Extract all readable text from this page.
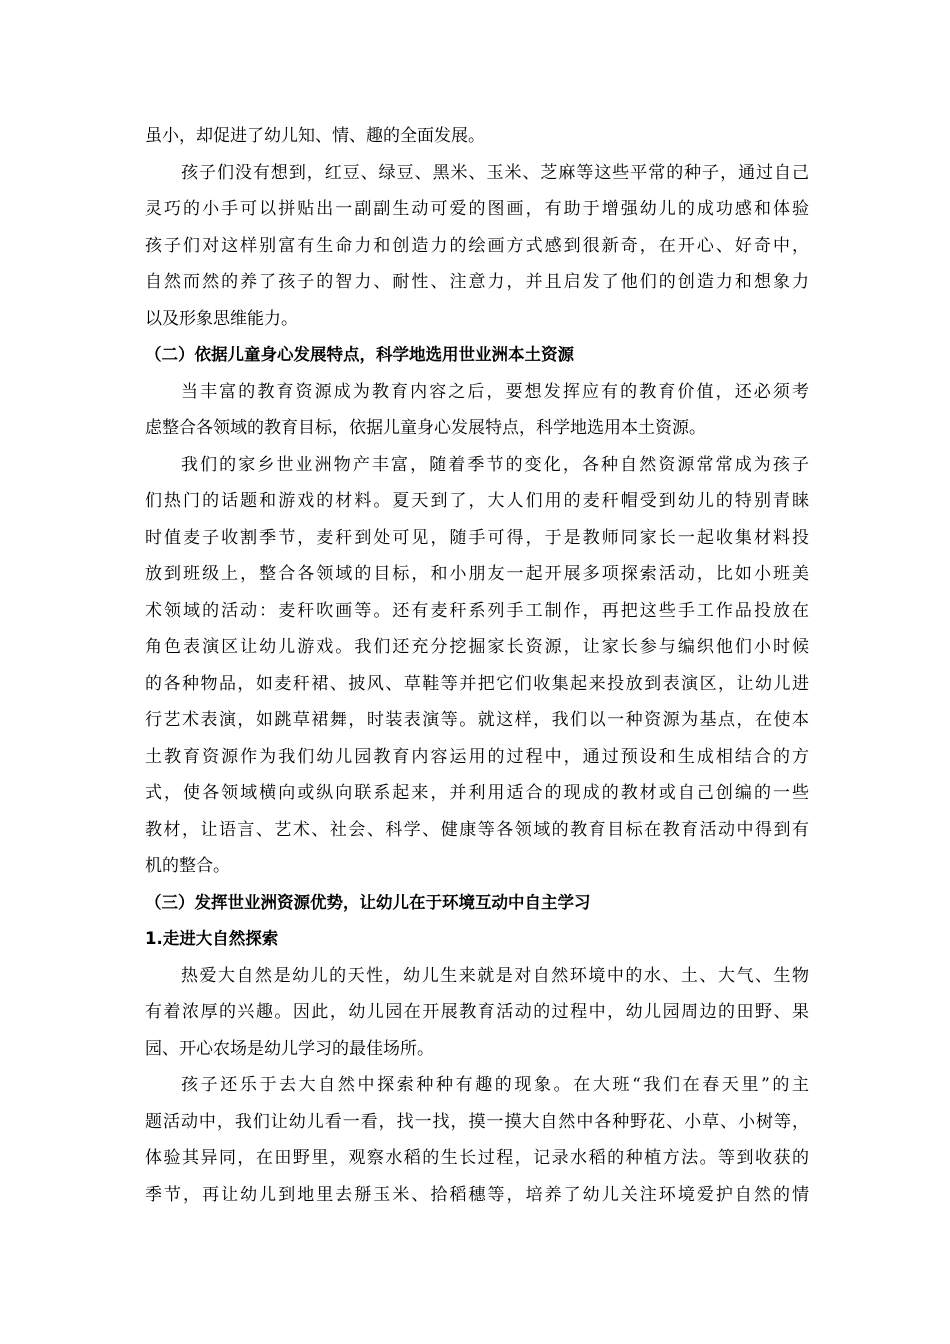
虽小，却促进了幼儿知、情、趣的全面发展。
孩子们没有想到，红豆、绿豆、黑米、玉米、芝麻等这些平常的种子，通过自己
灵巧的小手可以拼贴出一副副生动可爱的图画，有助于增强幼儿的成功感和体验
孩子们对这样别富有生命力和创造力的绘画方式感到很新奇，在开心、好奇中，
自然而然的养了孩子的智力、耐性、注意力，并且启发了他们的创造力和想象力
以及形象思维能力。
（二）依据儿童身心发展特点，科学地选用世业洲本土资源
当丰富的教育资源成为教育内容之后，要想发挥应有的教育价值，还必须考
虑整合各领域的教育目标，依据儿童身心发展特点，科学地选用本土资源。
我们的家乡世业洲物产丰富，随着季节的变化，各种自然资源常常成为孩子
们热门的话题和游戏的材料。夏天到了，大人们用的麦秆帽受到幼儿的特别青睐
时值麦子收割季节，麦秆到处可见，随手可得，于是教师同家长一起收集材料投
放到班级上，整合各领域的目标，和小朋友一起开展多项探索活动，比如小班美
术领域的活动：麦秆吹画等。还有麦秆系列手工制作，再把这些手工作品投放在
角色表演区让幼儿游戏。我们还充分挖掘家长资源，让家长参与编织他们小时候
的各种物品，如麦秆裙、披风、草鞋等并把它们收集起来投放到表演区，让幼儿进
行艺术表演，如跳草裙舞，时装表演等。就这样，我们以一种资源为基点，在使本
土教育资源作为我们幼儿园教育内容运用的过程中，通过预设和生成相结合的方
式，使各领域横向或纵向联系起来，并利用适合的现成的教材或自己创编的一些
教材，让语言、艺术、社会、科学、健康等各领域的教育目标在教育活动中得到有
机的整合。
（三）发挥世业洲资源优势，让幼儿在于环境互动中自主学习
1.走进大自然探索
热爱大自然是幼儿的天性，幼儿生来就是对自然环境中的水、土、大气、生物
有着浓厚的兴趣。因此，幼儿园在开展教育活动的过程中，幼儿园周边的田野、果
园、开心农场是幼儿学习的最佳场所。
孩子还乐于去大自然中探索种种有趣的现象。在大班“我们在春天里”的主
题活动中，我们让幼儿看一看，找一找，摸一摸大自然中各种野花、小草、小树等，
体验其异同，在田野里，观察水稻的生长过程，记录水稻的种植方法。等到收获的
季节，再让幼儿到地里去掰玉米、拾稻穗等，培养了幼儿关注环境爱护自然的情
